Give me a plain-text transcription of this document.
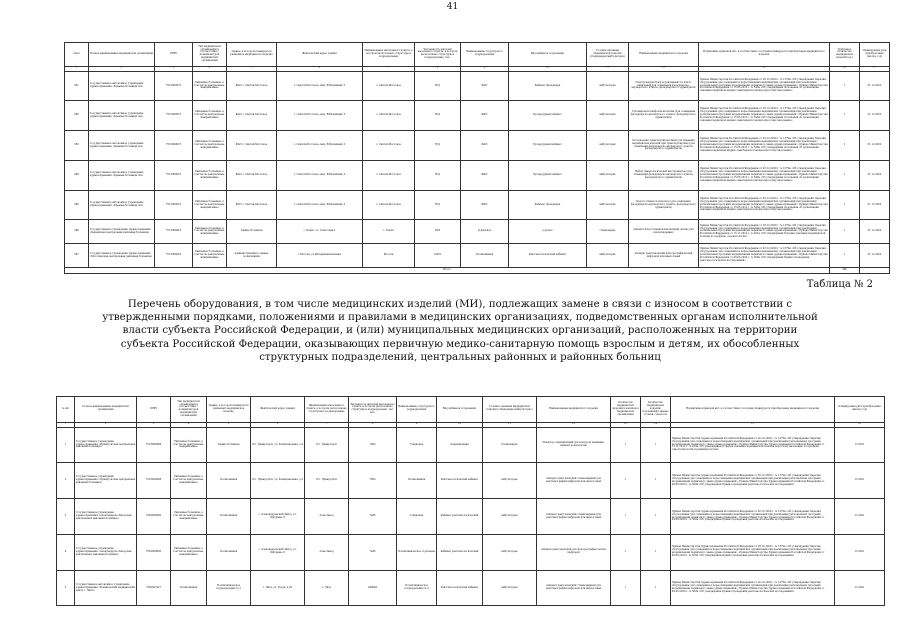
41
№п/п	Полное наименование медицинской организации	ИНН	Тип медицинской организации в соответствии с номенклатурой медицинских организаций	Здание, в котором планируется размещать медицинское изделие	Фактический адрес здания	Наименование населенного пункта, в котором расположено структурное подразделение	Численность жителей населенного пункта, в котором расположено структурное подразделение, тыс.	Наименование структурного подразделения	Вид кабинета (отделения)	Условия оказания медицинской помощи (стационарно/амбулаторно)	Наименование медицинского изделия	Нормативно-правовой акт, в соответствии с которым планируется приобретение медицинского изделия	Требуемое количество медицинских изделий (ед.)	Планируемая дата приобретения (месяц, год)
1	2	3	4	5	6	7	8	9	10	11	12	13	14	15
381	Государственное автономное учреждение здравоохранения «Краевая больница №4»	7531000973	Районные больницы, в том числе центральные, межрайонные	ФАП с. Святой-Мостовое	с. Святой-Мостовое, мкр. Юбилейный, 6	с. Святой-Мостовое	Н/Д	ФАП	Кабинет фельдшера	Амбулаторно	Электрокардиограф портативный 3-х или 6-канальный для оснащения фельдшерско-акушерского пункта, фельдшерского здравпункта	Приказ Министерства Российской Федерации от 28.12.2020 г. № 1379н «Об утверждении Перечня оборудования для оснащения и переоснащения медицинских организаций при реализации региональных программ модернизации первичного звена здравоохранения», Приказ Министерства Российской Федерации от 15.05.2012 г. № 543н «Об утверждении положения об организации оказания первичной медико-санитарной помощи взрослому населению»	1	31.12.2022
382	Государственное автономное учреждение здравоохранения «Краевая больница №4»	7531000973	Районные больницы, в том числе центральные, межрайонные	ФАП с. Святой-Мостовое	с. Святой-Мостовое, мкр. Юбилейный, 6	с. Святой-Мостовое	Н/Д	ФАП	Процедурный кабинет	Амбулаторно	Сухожаровой шкаф или автоклав (для оснащения фельдшерско-акушерского пункта, фельдшерского здравпункта)	Приказ Министерства Российской Федерации от 28.12.2020 г. № 1379н «Об утверждении Перечня оборудования для оснащения и переоснащения медицинских организаций при реализации региональных программ модернизации первичного звена здравоохранения», Приказ Министерства Российской Федерации от 15.05.2012 г. № 543н «Об утверждении положения об организации оказания первичной медико-санитарной помощи взрослому населению»	1	31.12.2022
383	Государственное автономное учреждение здравоохранения «Краевая больница №4»	7531000973	Районные больницы, в том числе центральные, межрайонные	ФАП с. Святой-Мостовое	с. Святой-Мостовое, мкр. Юбилейный, 6	с. Святой-Мостовое	Н/Д	ФАП	Процедурный кабинет	Амбулаторно	Холодильник транспортировочный для хранения медицинских изделий при транспортировке (для оснащения фельдшерско-акушерского пункта, фельдшерского здравпункта)	Приказ Министерства Российской Федерации от 28.12.2020 г. № 1379н «Об утверждении Перечня оборудования для оснащения и переоснащения медицинских организаций при реализации региональных программ модернизации первичного звена здравоохранения», Приказ Министерства Российской Федерации от 15.05.2012 г. № 543н «Об утверждении положения об организации оказания первичной медико-санитарной помощи взрослому населению»	1	31.12.2022
384	Государственное автономное учреждение здравоохранения «Краевая больница №4»	7531000973	Районные больницы, в том числе центральные, межрайонные	ФАП с. Святой-Мостовое	с. Святой-Мостовое, мкр. Юбилейный, 6	с. Святой-Мостовое	Н/Д	ФАП	Процедурный кабинет	Амбулаторно	Набор гинекологических инструментов (для оснащения фельдшерско-акушерского пункта, фельдшерского здравпункта)	Приказ Министерства Российской Федерации от 28.12.2020 г. № 1379н «Об утверждении Перечня оборудования для оснащения и переоснащения медицинских организаций при реализации региональных программ модернизации первичного звена здравоохранения», Приказ Министерства Российской Федерации от 15.05.2012 г. № 543н «Об утверждении положения об организации оказания первичной медико-санитарной помощи взрослому населению»	1	31.12.2022
385	Государственное автономное учреждение здравоохранения «Краевая больница №4»	7531000973	Районные больницы, в том числе центральные, межрайонные	ФАП с. Святой-Мостовое	с. Святой-Мостовое, мкр. Юбилейный, 6	с. Святой-Мостовое	Н/Д	ФАП	Кабинет фельдшера	Амбулаторно	Кресло гинекологическое (для оснащения фельдшерско-акушерского пункта, фельдшерского здравпункта)	Приказ Министерства Российской Федерации от 28.12.2020 г. № 1379н «Об утверждении Перечня оборудования для оснащения и переоснащения медицинских организаций при реализации региональных программ модернизации первичного звена здравоохранения», Приказ Министерства Российской Федерации от 15.05.2012 г. № 543н «Об утверждении положения об организации оказания первичной медико-санитарной помощи взрослому населению»	1	31.12.2022
386	Государственное учреждение здравоохранения «Карымская центральная районная больница»	7513000418	Районные больницы, в том числе центральные, межрайонные	Здание больницы	г. Карат, ул. Советская,2	г. Борзя	29%	родильное	родовое	стационарно	Аппарат искусственной вентиляции легких для новорожденных	Приказ Министерства Российской Федерации от 28.12.2020 г. № 1379н «Об утверждении Перечня оборудования для оснащения и переоснащения медицинских организаций при реализации региональных программ модернизации первичного звена здравоохранения», Приказ Министерства Российской Федерации от 15.11.2012 г. № 921н «Об утверждении Порядка оказания медицинской помощи по профилю «неонатология»	1	31.12.2022
387	Государственное учреждение здравоохранения «Могочинская центральная районная больница»	7512000922	Районные больницы, в том числе центральные, межрайонные	административное здание поликлиники	г.Могоча, ул.Интернациональная	Могоча	16261	Поликлиника	Рентгенологический кабинет	Амбулаторно	Аппарат рентгеновский флюорографический цифровой или аналоговый	Приказ Министерства Российской Федерации от 28.12.2020 г. № 1379н «Об утверждении Перечня оборудования для оснащения и переоснащения медицинских организаций при реализации региональных программ модернизации первичного звена здравоохранения», Приказ Министерства Российской Федерации от 09.06.2020 г. № 560н «Об утверждении Правил проведения рентгенологических исследований»	1	31.12.2022
Итого													396	
Таблица № 2
Перечень оборудования, в том числе медицинских изделий (МИ), подлежащих замене в связи с износом в соответствии с утвержденными порядками, положениями и правилами в медицинских организациях, подведомственных органам исполнительной власти субъекта Российской Федерации, и (или) муниципальных медицинских организаций, расположенных на территории субъекта Российской Федерации, оказывающих первичную медико-санитарную помощь взрослым и детям, их обособленных структурных подразделений, центральных районных и районных больниц
№ п/п	Полное наименование медицинской организации	ИНН	Тип медицинской организации в соответствии с номенклатурой медицинских организаций	Здание, в котором планируется размещать медицинское изделие	Фактический адрес здания	Наименование населенного пункта, в котором расположено структурное подразделение	Численность жителей населенного пункта, в котором расположено структурное подразделение, тыс. чел.	Наименование структурного подразделения	Вид кабинета (отделения)	Условия оказания медицинской помощи (стационарно/амбулаторно)	Наименование медицинского изделия	Количество медицинских изделий в наличии в медицинской организации	Количество медицинских изделий, подлежащих замене в связи с износом	Нормативно-правовой акт, в соответствии с которым планируется приобретение медицинского изделия	Планируемая дата приобретения (месяц, год)
1	2	3	4	5	6	7	8	9	10	11	12	13	14	15	16
1	Государственное учреждение здравоохранения «Приаргунская центральная районная больница»	7518000988	Районные больницы, в том числе центральные, межрайонные	Здание больницы	пгт. Приаргунск, ул. Коммунальная, д.2	пгт. Приаргунск	7063	Стационар	Операционная	Стационарно	Монитор операционный для контроля жизненно важных показателей	1	1	Приказ Министерства Здравоохранения Российской Федерации от 28.12.2020 г. № 1379н «Об утверждении Перечня оборудования для оснащения и переоснащения медицинских организаций при реализации региональных программ модернизации первичного звена здравоохранения», Приказ Министерства Здравоохранения Российской Федерации от 15.11.2012 г. № 919н «Об утверждении Порядка оказания медицинской помощи взрослому населению по профилю «анестезиология и реаниматология»	12.2021
2	Государственное учреждение здравоохранения «Приаргунская центральная районная больница»	7518000988	Районные больницы, в том числе центральные, межрайонные	Поликлиника	пгт. Приаргунск, ул. Коммунальная, д.2	пгт. Приаргунск	7063	Поликлиника	Рентгенологический кабинет	Амбулаторно	Аппарат рентгеновский стационарный для рентгенографии цифровой или аналоговый	1	1	Приказ Министерства Здравоохранения Российской Федерации от 28.12.2020 г. № 1379н «Об утверждении Перечня оборудования для оснащения и переоснащения медицинских организаций при реализации региональных программ модернизации первичного звена здравоохранения», Приказ Министерства Здравоохранения Российской Федерации от 09.06.2020 г. № 560н «Об утверждении Правил проведения рентгенологических исследований»	12.2021
3	Государственное учреждение здравоохранения «Александрово-Заводская центральная районная больница»	7502000886	Районные больницы, в том числе центральные, межрайонные	Поликлиника	с. Александровский Завод, ул. Шкурина, 8	Алек-Завод	7445	Стационар	Кабинет рентгенологический	Амбулаторно	Аппарат рентгеновский стационарный для рентгенографии цифровой или аналоговый	1	1	Приказ Министерства Здравоохранения Российской Федерации от 28.12.2020 г. № 1379н «Об утверждении Перечня оборудования для оснащения и переоснащения медицинских организаций при реализации региональных программ модернизации первичного звена здравоохранения», Приказ Министерства Здравоохранения Российской Федерации от 09.06.2020 г. № 560н «Об утверждении Правил проведения рентгенологических исследований»	12.2021
4	Государственное учреждение здравоохранения «Александрово-Заводская центральная районная больница»	7502000886	Районные больницы, в том числе центральные, межрайонные	Поликлиника	с. Александровский Завод, ул. Шкурина, 8	Алек-Завод	7445	Поликлиническое отделение	Кабинет рентгенологический	Амбулаторно	Аппарат рентгеновский для флюорографии легких цифровой	1	1	Приказ Министерства Здравоохранения Российской Федерации от 28.12.2020 г. № 1379н «Об утверждении Перечня оборудования для оснащения и переоснащения медицинских организаций при реализации региональных программ модернизации первичного звена здравоохранения», Приказ Министерства Здравоохранения Российской Федерации от 09.06.2020 г. № 560н «Об утверждении Правил проведения рентгенологических исследований»	12.2021
5	Государственное автономное учреждение здравоохранения «Клинический медицинский центр г. Читы»	7536067427	Поликлиника	Поликлиническое подразделение № 3	г. Чита, ул. Труда, д.29	г. Чита	349983	Поликлиническое подразделение № 3	Рентгенологический кабинет	Амбулаторно	Аппарат рентгеновский стационарный для рентгенографии цифровой или аналоговый	1	1	Приказ Министерства Здравоохранения Российской Федерации от 28.12.2020 г. № 1379н «Об утверждении Перечня оборудования для оснащения и переоснащения медицинских организаций при реализации региональных программ модернизации первичного звена здравоохранения», Приказ Министерства Здравоохранения Российской Федерации от 09.06.2020 г. № 560н «Об утверждении Правил проведения рентгенологических исследований»	12.2021
